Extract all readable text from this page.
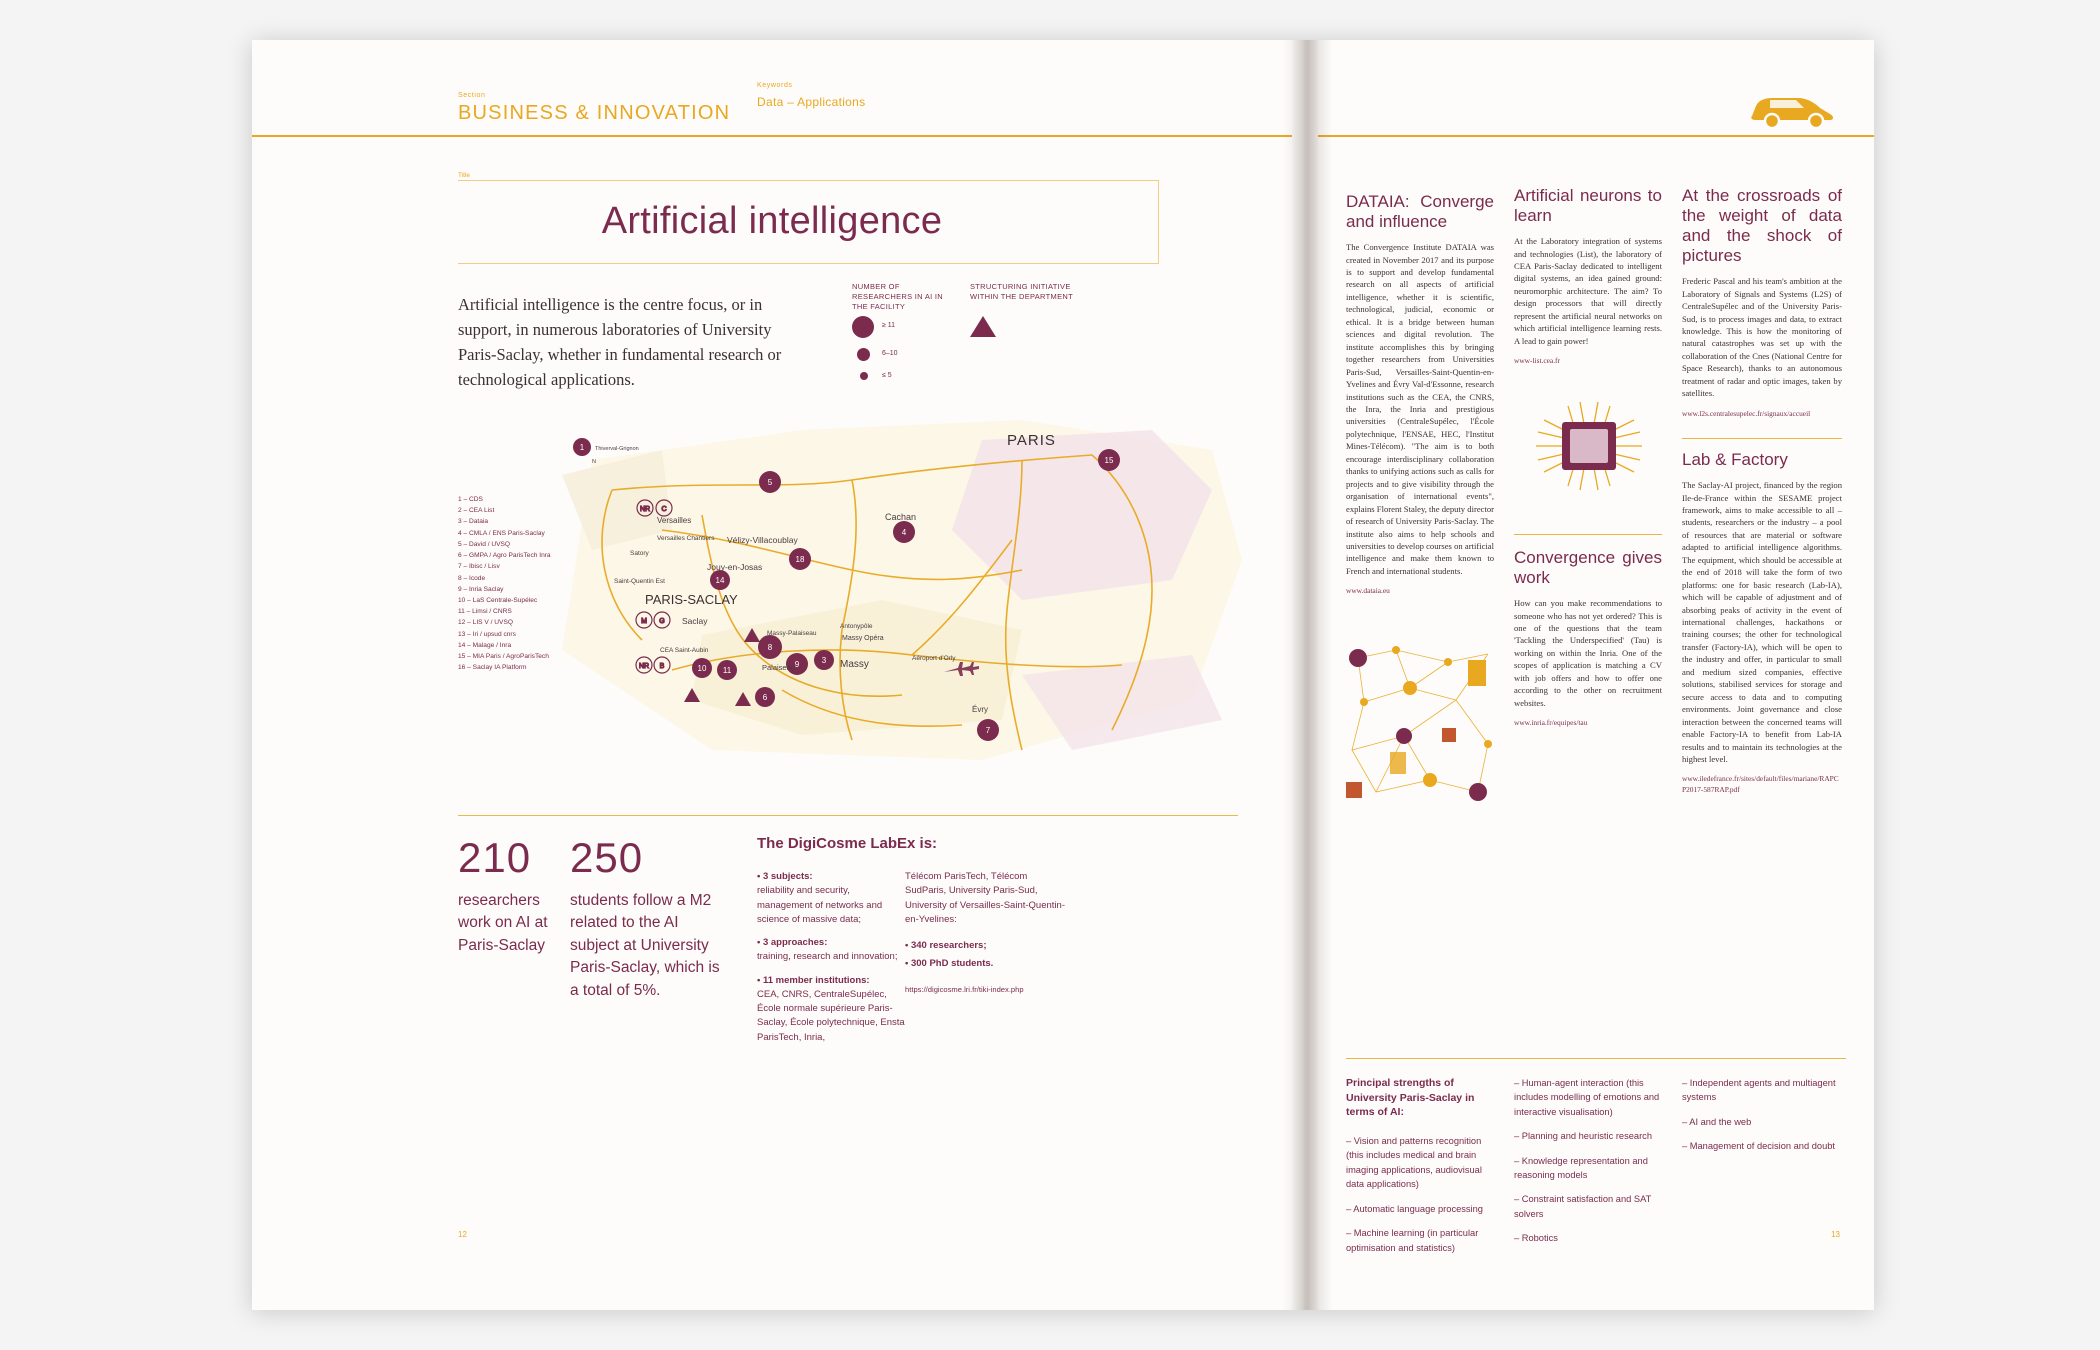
Section
BUSINESS & INNOVATION
Keywords
Data – Applications
Title
Artificial intelligence
Artificial intelligence is the centre focus, or in support, in numerous laboratories of University Paris-Saclay, whether in fundamental research or technological applications.
NUMBER OF RESEARCHERS IN AI IN THE FACILITY
STRUCTURING INITIATIVE WITHIN THE DEPARTMENT
≥ 11
6–10
≤ 5
1 – CDS
2 – CEA List
3 – Dataia
4 – CMLA / ENS Paris-Saclay
5 – David / UVSQ
6 – GMPA / Agro ParisTech Inra
7 – Ibisc / Lisv
8 – Icode
9 – Inria Saclay
10 – LaS Centrale-Supélec
11 – Limsi / CNRS
12 – LIS V / UVSQ
13 – Iri / upsud cnrs
14 – Malage / Inra
15 – MIA Paris / AgroParisTech
16 – Saclay IA Platform
15
5
4
18
14
8
9	3
10 11
6
7
1
NR C
M G
NR B
PARIS
Versailles
Versailles Chantiers Vélizy-Villacoublay
Jouy-en-Josas
Saint-Quentin Est
Satory
PARIS-SACLAY
Saclay
CEA Saint-Aubin
Massy-Palaiseau
Palaiseau	Massy
Antonypôle
Massy Opéra
Cachan
Aéroport d'Orly
Évry
Thiverval-Grignon
N
210
researchers work on AI at Paris-Saclay
250
students follow a M2 related to the AI subject at University Paris-Saclay, which is a total of 5%.
The DigiCosme LabEx is:

• 3 subjects:
reliability and security, management of networks and science of massive data;

• 3 approaches:
training, research and innovation;

• 11 member institutions:
CEA, CNRS, CentraleSupélec, École normale supérieure Paris-Saclay, École polytechnique, Ensta ParisTech, Inria,

Télécom ParisTech, Télécom SudParis, University Paris-Sud, University of Versailles-Saint-Quentin-en-Yvelines:

• 340 researchers;

• 300 PhD students.

https://digicosme.lri.fr/tiki-index.php

12
DATAIA: Converge and influence
The Convergence Institute DATAIA was created in November 2017 and its purpose is to support and develop fundamental research on all aspects of artificial intelligence, whether it is scientific, technological, judicial, economic or ethical. It is a bridge between human sciences and digital revolution. The institute accomplishes this by bringing together researchers from Universities Paris-Sud, Versailles-Saint-Quentin-en-Yvelines and Évry Val-d'Essonne, research institutions such as the CEA, the CNRS, the Inra, the Inria and prestigious universities (CentraleSupélec, l'École polytechnique, l'ENSAE, HEC, l'Institut Mines-Télécom). "The aim is to both encourage interdisciplinary collaboration thanks to unifying actions such as calls for projects and to give visibility through the organisation of international events", explains Florent Staley, the deputy director of research of University Paris-Saclay. The institute also aims to help schools and universities to develop courses on artificial intelligence and make them known to French and international students.
www.dataia.eu
Artificial neurons to learn
At the Laboratory integration of systems and technologies (List), the laboratory of CEA Paris-Saclay dedicated to intelligent digital systems, an idea gained ground: neuromorphic architecture. The aim? To design processors that will directly represent the artificial neural networks on which artificial intelligence learning rests. A lead to gain power!
www-list.cea.fr
Convergence gives work
How can you make recommendations to someone who has not yet ordered? This is one of the questions that the team 'Tackling the Underspecified' (Tau) is working on within the Inria. One of the scopes of application is matching a CV with job offers and how to offer one according to the other on recruitment websites.
www.inria.fr/equipes/tau
At the crossroads of the weight of data and the shock of pictures
Frederic Pascal and his team's ambition at the Laboratory of Signals and Systems (L2S) of CentraleSupélec and of the University Paris-Sud, is to process images and data, to extract knowledge. This is how the monitoring of natural catastrophes was set up with the collaboration of the Cnes (National Centre for Space Research), thanks to an autonomous treatment of radar and optic images, taken by satellites.
www.l2s.centralesupelec.fr/signaux/accueil
Lab & Factory
The Saclay-AI project, financed by the region Ile-de-France within the SESAME project framework, aims to make accessible to all – students, researchers or the industry – a pool of resources that are material or software adapted to artificial intelligence algorithms. The equipment, which should be accessible at the end of 2018 will take the form of two platforms: one for basic research (Lab-IA), which will be capable of adjustment and of absorbing peaks of activity in the event of international challenges, hackathons or training courses; the other for technological transfer (Factory-IA), which will be open to the industry and offer, in particular to small and medium sized companies, effective solutions, stabilised services for storage and secure access to data and to computing environments. Joint governance and close interaction between the concerned teams will enable Factory-IA to benefit from Lab-IA results and to maintain its technologies at the highest level.
www.iledefrance.fr/sites/default/files/mariane/RAPCP2017-587RAP.pdf
Principal strengths of University Paris-Saclay in terms of AI:

– Vision and patterns recognition (this includes medical and brain imaging applications, audiovisual data applications)

– Automatic language processing

– Machine learning (in particular optimisation and statistics)

– Human-agent interaction (this includes modelling of emotions and interactive visualisation)

– Planning and heuristic research

– Knowledge representation and reasoning models

– Constraint satisfaction and SAT solvers

– Robotics

– Independent agents and multiagent systems

– AI and the web

– Management of decision and doubt

13
